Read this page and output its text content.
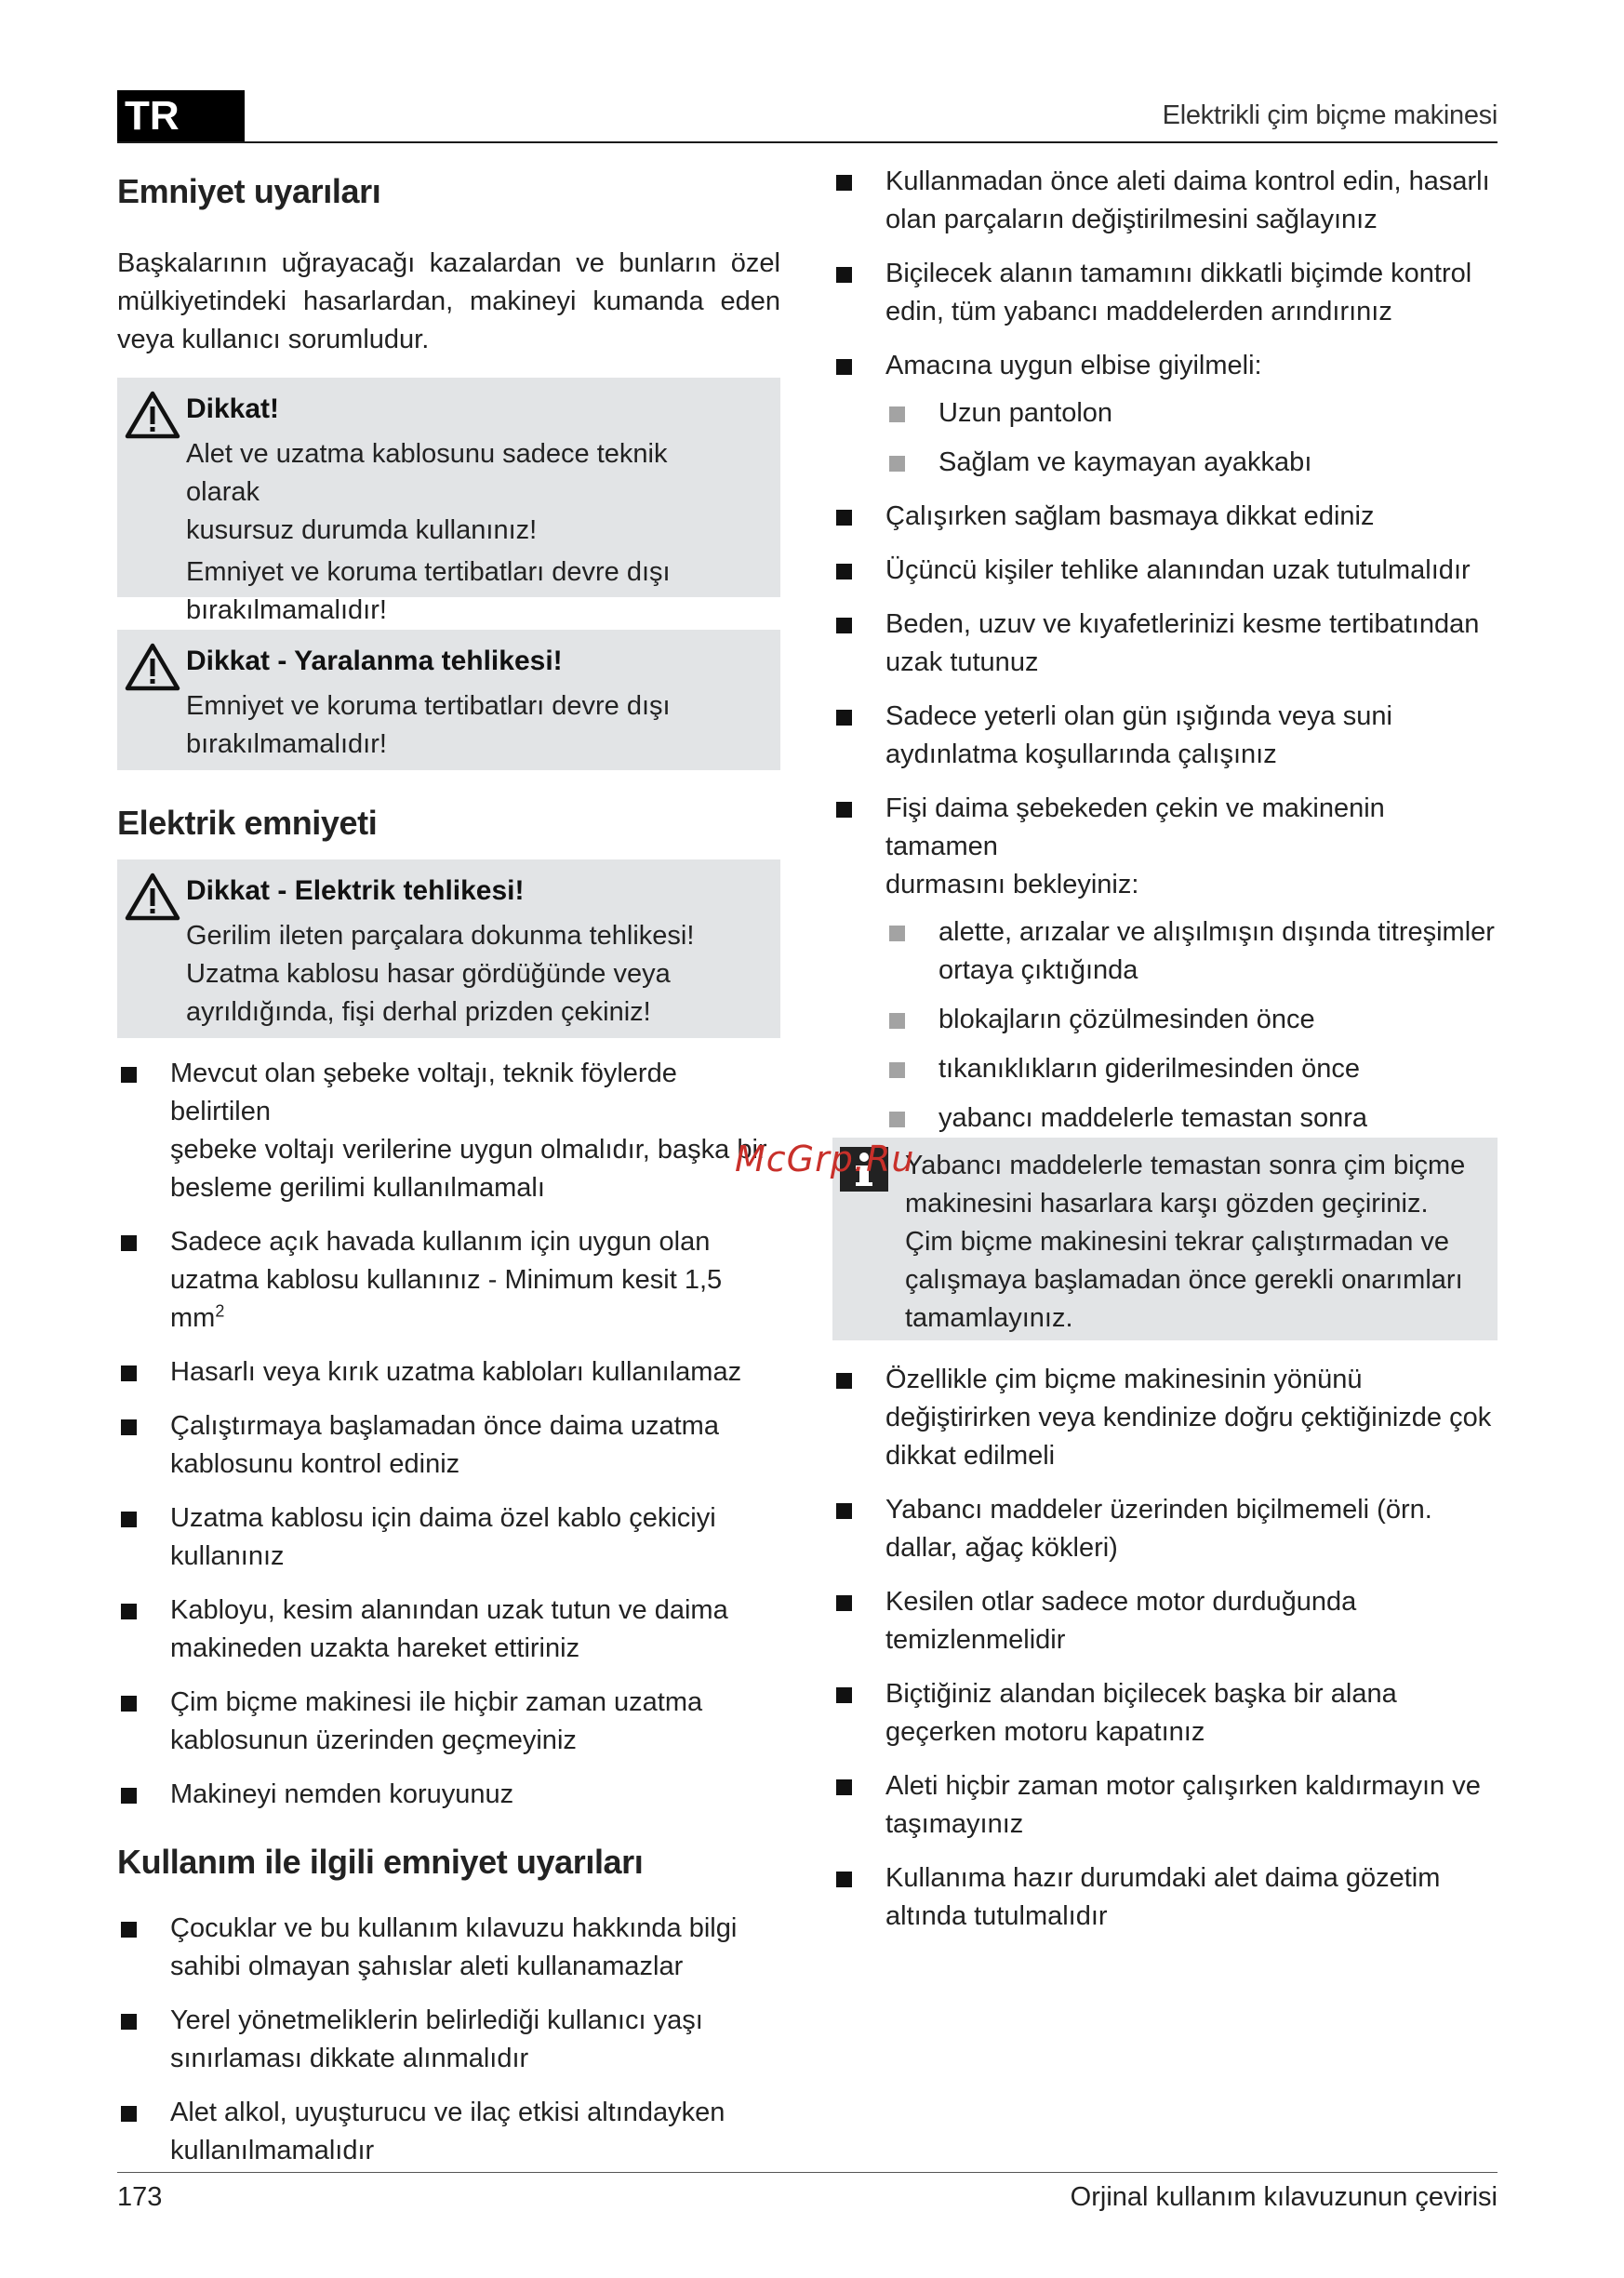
TR	Elektrikli çim biçme makinesi
Emniyet uyarıları

Başkalarının uğrayacağı kazalardan ve bunların özel

mülkiyetindeki hasarlardan, makineyi kumanda eden

veya kullanıcı sorumludur.

Dikkat!
Alet ve uzatma kablosunu sadece teknik olarak
kusursuz durumda kullanınız!
Emniyet ve koruma tertibatları devre dışı
bırakılmamalıdır!
Dikkat - Yaralanma tehlikesi!
Emniyet ve koruma tertibatları devre dışı
bırakılmamalıdır!
Elektrik emniyeti
Dikkat - Elektrik tehlikesi!
Gerilim ileten parçalara dokunma tehlikesi!
Uzatma kablosu hasar gördüğünde veya
ayrıldığında, fişi derhal prizden çekiniz!
Mevcut olan şebeke voltajı, teknik föylerde belirtilen
şebeke voltajı verilerine uygun olmalıdır, başka bir
besleme gerilimi kullanılmamalı
Sadece açık havada kullanım için uygun olan
uzatma kablosu kullanınız - Minimum kesit 1,5 $mm^2$
Hasarlı veya kırık uzatma kabloları kullanılamaz
Çalıştırmaya başlamadan önce daima uzatma
kablosunu kontrol ediniz
Uzatma kablosu için daima özel kablo çekiciyi
kullanınız
Kabloyu, kesim alanından uzak tutun ve daima
makineden uzakta hareket ettiriniz
Çim biçme makinesi ile hiçbir zaman uzatma
kablosunun üzerinden geçmeyiniz
Makineyi nemden koruyunuz
Kullanım ile ilgili emniyet uyarıları
Çocuklar ve bu kullanım kılavuzu hakkında bilgi
sahibi olmayan şahıslar aleti kullanamazlar
Yerel yönetmeliklerin belirlediği kullanıcı yaşı
sınırlaması dikkate alınmalıdır
Alet alkol, uyuşturucu ve ilaç etkisi altındayken
kullanılmamalıdır
Kullanmadan önce aleti daima kontrol edin, hasarlı
olan parçaların değiştirilmesini sağlayınız
Biçilecek alanın tamamını dikkatli biçimde kontrol
edin, tüm yabancı maddelerden arındırınız
Amacına uygun elbise giyilmeli:
Uzun pantolon
Sağlam ve kaymayan ayakkabı
Çalışırken sağlam basmaya dikkat ediniz
Üçüncü kişiler tehlike alanından uzak tutulmalıdır
Beden, uzuv ve kıyafetlerinizi kesme tertibatından
uzak tutunuz
Sadece yeterli olan gün ışığında veya suni
aydınlatma koşullarında çalışınız
Fişi daima şebekeden çekin ve makinenin tamamen
durmasını bekleyiniz:
alette, arızalar ve alışılmışın dışında titreşimler
ortaya çıktığında
blokajların çözülmesinden önce
tıkanıklıkların giderilmesinden önce
yabancı maddelerle temastan sonra
Yabancı maddelerle temastan sonra çim biçme
makinesini hasarlara karşı gözden geçiriniz.
Çim biçme makinesini tekrar çalıştırmadan ve
çalışmaya başlamadan önce gerekli onarımları
tamamlayınız.
Özellikle çim biçme makinesinin yönünü
değiştirirken veya kendinize doğru çektiğinizde çok
dikkat edilmeli
Yabancı maddeler üzerinden biçilmemeli (örn.
dallar, ağaç kökleri)
Kesilen otlar sadece motor durduğunda
temizlenmelidir
Biçtiğiniz alandan biçilecek başka bir alana
geçerken motoru kapatınız
Aleti hiçbir zaman motor çalışırken kaldırmayın ve
taşımayınız
Kullanıma hazır durumdaki alet daima gözetim
altında tutulmalıdır
McGrp.Ru
173	Orjinal kullanım kılavuzunun çevirisi
